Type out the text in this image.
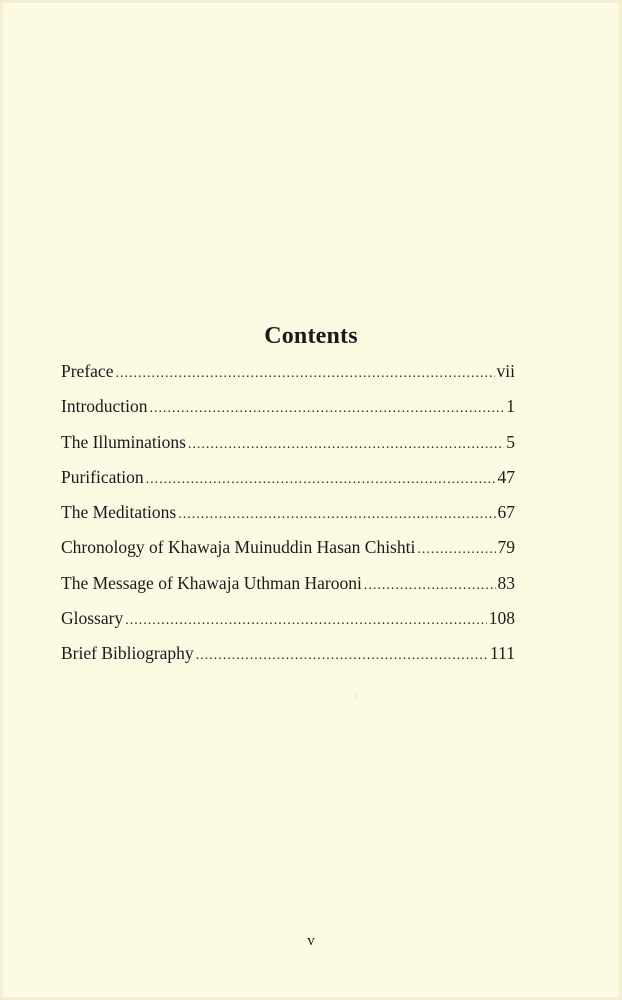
Contents
Preface .....	vii
Introduction .....	1
The Illuminations .....	5
Purification .....	47
The Meditations .....	67
Chronology of Khawaja Muinuddin Hasan Chishti .....	79
The Message of Khawaja Uthman Harooni .....	83
Glossary .....	108
Brief Bibliography .....	111
v
